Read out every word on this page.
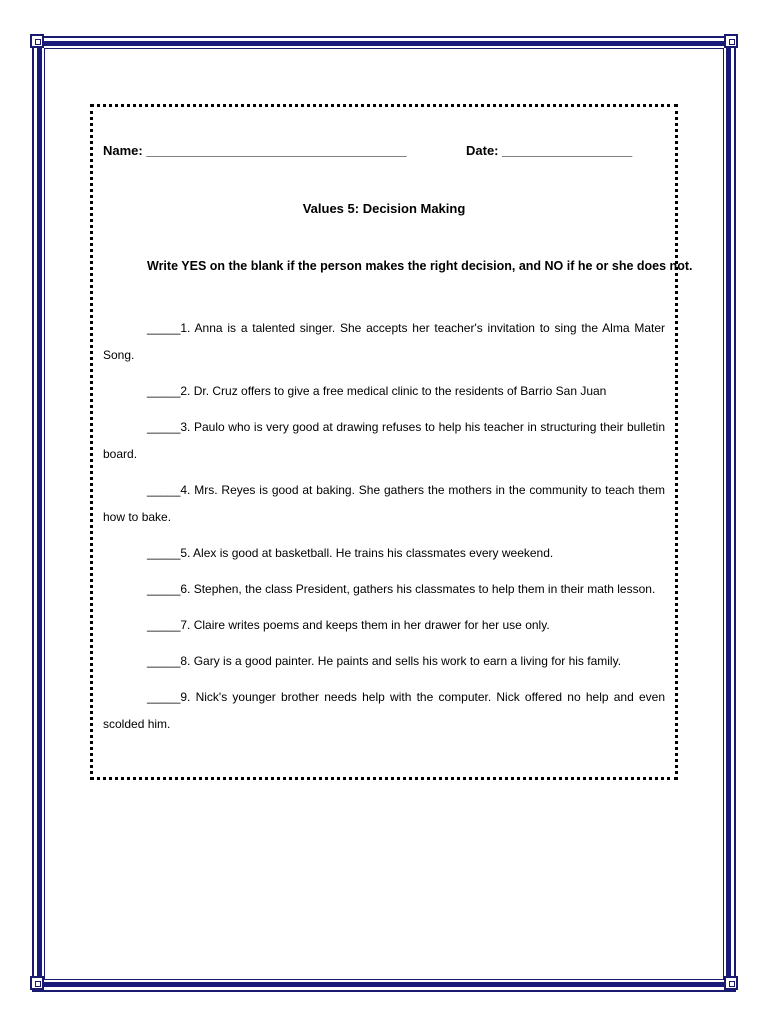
Name: ____________________________________	Date: __________________
Values 5: Decision Making
Write YES on the blank if the person makes the right decision, and NO if he or she does not.

_____1. Anna is a talented singer. She accepts her teacher's invitation to sing the Alma Mater Song.

_____2. Dr. Cruz offers to give a free medical clinic to the residents of Barrio San Juan

_____3. Paulo who is very good at drawing refuses to help his teacher in structuring their bulletin board.

_____4. Mrs. Reyes is good at baking. She gathers the mothers in the community to teach them how to bake.

_____5. Alex is good at basketball. He trains his classmates every weekend.

_____6. Stephen, the class President, gathers his classmates to help them in their math lesson.

_____7. Claire writes poems and keeps them in her drawer for her use only.

_____8. Gary is a good painter. He paints and sells his work to earn a living for his family.

_____9. Nick's younger brother needs help with the computer. Nick offered no help and even scolded him.
